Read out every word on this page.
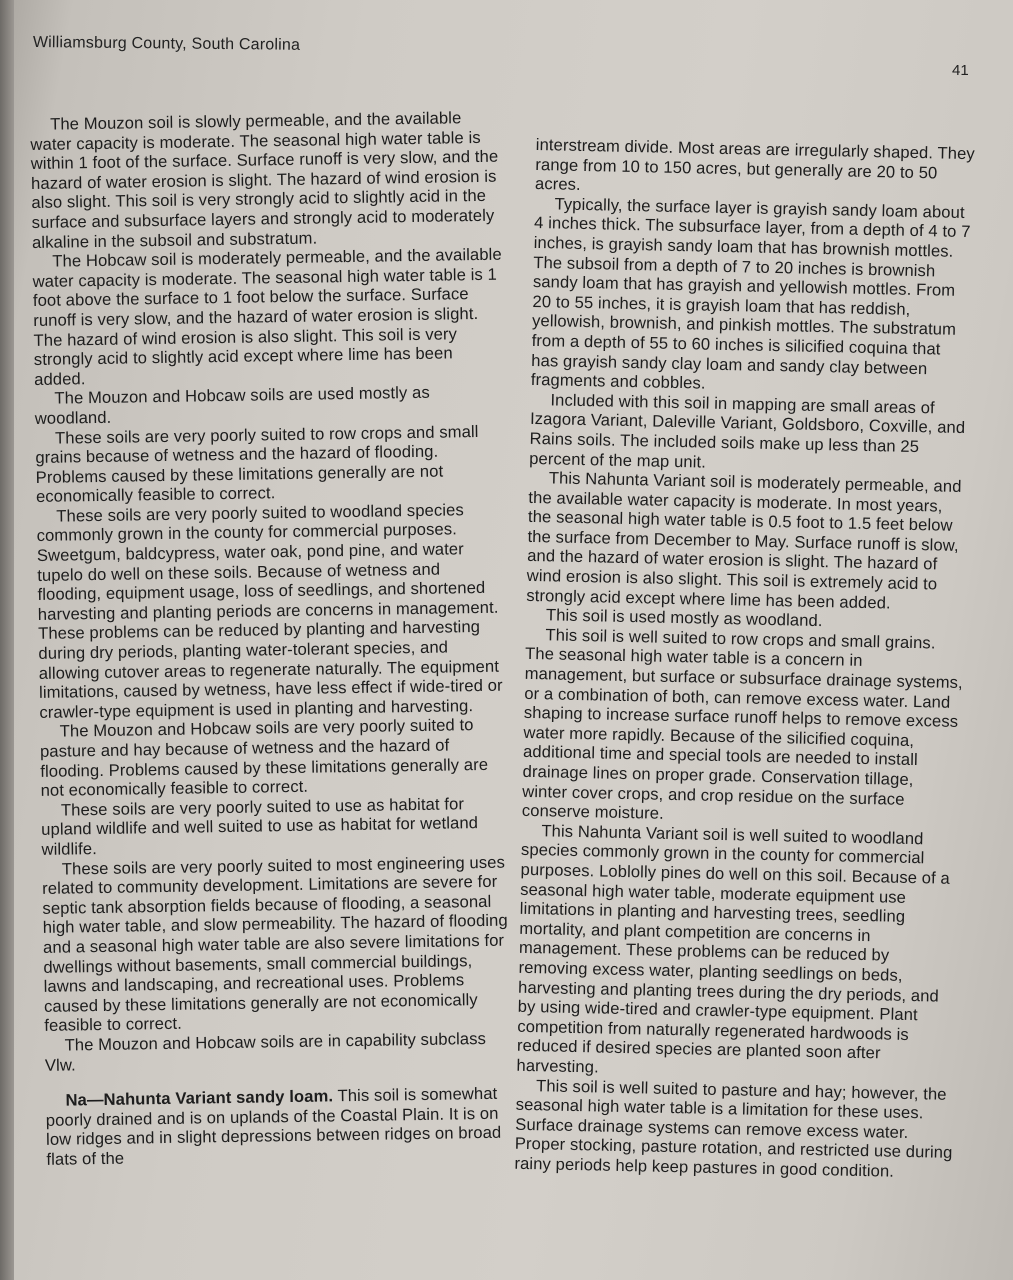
Williamsburg County, South Carolina
41

The Mouzon soil is slowly permeable, and the available water capacity is moderate. The seasonal high water table is within 1 foot of the surface. Surface runoff is very slow, and the hazard of water erosion is slight. The hazard of wind erosion is also slight. This soil is very strongly acid to slightly acid in the surface and subsurface layers and strongly acid to moderately alkaline in the subsoil and substratum.

The Hobcaw soil is moderately permeable, and the available water capacity is moderate. The seasonal high water table is 1 foot above the surface to 1 foot below the surface. Surface runoff is very slow, and the hazard of water erosion is slight. The hazard of wind erosion is also slight. This soil is very strongly acid to slightly acid except where lime has been added.

The Mouzon and Hobcaw soils are used mostly as woodland.

These soils are very poorly suited to row crops and small grains because of wetness and the hazard of flooding. Problems caused by these limitations generally are not economically feasible to correct.

These soils are very poorly suited to woodland species commonly grown in the county for commercial purposes. Sweetgum, baldcypress, water oak, pond pine, and water tupelo do well on these soils. Because of wetness and flooding, equipment usage, loss of seedlings, and shortened harvesting and planting periods are concerns in management. These problems can be reduced by planting and harvesting during dry periods, planting water-tolerant species, and allowing cutover areas to regenerate naturally. The equipment limitations, caused by wetness, have less effect if wide-tired or crawler-type equipment is used in planting and harvesting.

The Mouzon and Hobcaw soils are very poorly suited to pasture and hay because of wetness and the hazard of flooding. Problems caused by these limitations generally are not economically feasible to correct.

These soils are very poorly suited to use as habitat for upland wildlife and well suited to use as habitat for wetland wildlife.

These soils are very poorly suited to most engineering uses related to community development. Limitations are severe for septic tank absorption fields because of flooding, a seasonal high water table, and slow permeability. The hazard of flooding and a seasonal high water table are also severe limitations for dwellings without basements, small commercial buildings, lawns and landscaping, and recreational uses. Problems caused by these limitations generally are not economically feasible to correct.

The Mouzon and Hobcaw soils are in capability subclass Vlw.

Na—Nahunta Variant sandy loam. This soil is somewhat poorly drained and is on uplands of the Coastal Plain. It is on low ridges and in slight depressions between ridges on broad flats of the

interstream divide. Most areas are irregularly shaped. They range from 10 to 150 acres, but generally are 20 to 50 acres.

Typically, the surface layer is grayish sandy loam about 4 inches thick. The subsurface layer, from a depth of 4 to 7 inches, is grayish sandy loam that has brownish mottles. The subsoil from a depth of 7 to 20 inches is brownish sandy loam that has grayish and yellowish mottles. From 20 to 55 inches, it is grayish loam that has reddish, yellowish, brownish, and pinkish mottles. The substratum from a depth of 55 to 60 inches is silicified coquina that has grayish sandy clay loam and sandy clay between fragments and cobbles.

Included with this soil in mapping are small areas of Izagora Variant, Daleville Variant, Goldsboro, Coxville, and Rains soils. The included soils make up less than 25 percent of the map unit.

This Nahunta Variant soil is moderately permeable, and the available water capacity is moderate. In most years, the seasonal high water table is 0.5 foot to 1.5 feet below the surface from December to May. Surface runoff is slow, and the hazard of water erosion is slight. The hazard of wind erosion is also slight. This soil is extremely acid to strongly acid except where lime has been added.

This soil is used mostly as woodland.

This soil is well suited to row crops and small grains. The seasonal high water table is a concern in management, but surface or subsurface drainage systems, or a combination of both, can remove excess water. Land shaping to increase surface runoff helps to remove excess water more rapidly. Because of the silicified coquina, additional time and special tools are needed to install drainage lines on proper grade. Conservation tillage, winter cover crops, and crop residue on the surface conserve moisture.

This Nahunta Variant soil is well suited to woodland species commonly grown in the county for commercial purposes. Loblolly pines do well on this soil. Because of a seasonal high water table, moderate equipment use limitations in planting and harvesting trees, seedling mortality, and plant competition are concerns in management. These problems can be reduced by removing excess water, planting seedlings on beds, harvesting and planting trees during the dry periods, and by using wide-tired and crawler-type equipment. Plant competition from naturally regenerated hardwoods is reduced if desired species are planted soon after harvesting.

This soil is well suited to pasture and hay; however, the seasonal high water table is a limitation for these uses. Surface drainage systems can remove excess water. Proper stocking, pasture rotation, and restricted use during rainy periods help keep pastures in good condition.
